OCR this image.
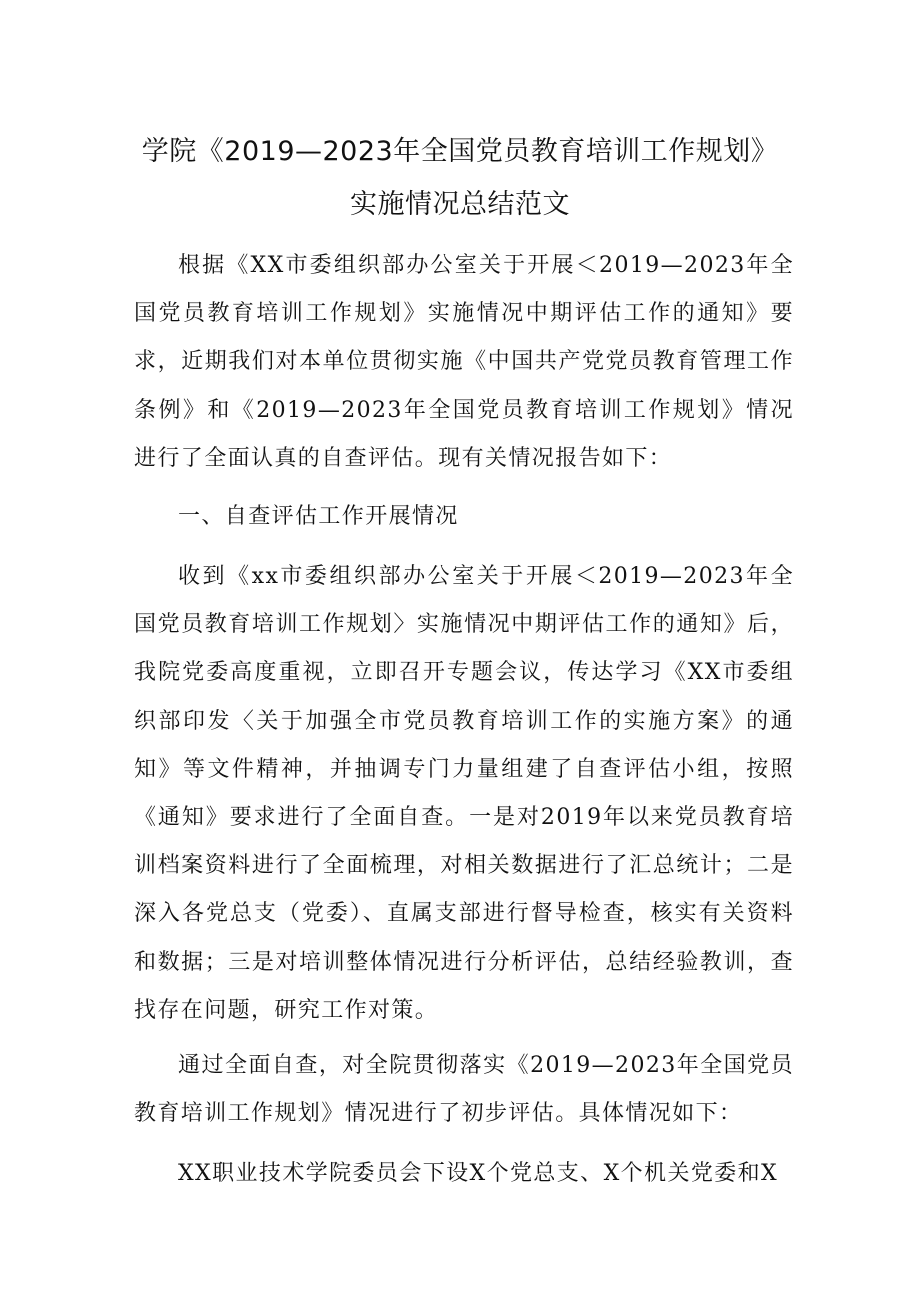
学院《2019—2023年全国党员教育培训工作规划》
实施情况总结范文

根据《XX市委组织部办公室关于开展＜2019—2023年全国党员教育培训工作规划》实施情况中期评估工作的通知》要求，近期我们对本单位贯彻实施《中国共产党党员教育管理工作条例》和《2019—2023年全国党员教育培训工作规划》情况进行了全面认真的自查评估。现有关情况报告如下：

一、自查评估工作开展情况

收到《xx市委组织部办公室关于开展＜2019—2023年全国党员教育培训工作规划〉实施情况中期评估工作的通知》后，我院党委高度重视，立即召开专题会议，传达学习《XX市委组织部印发〈关于加强全市党员教育培训工作的实施方案》的通知》等文件精神，并抽调专门力量组建了自查评估小组，按照《通知》要求进行了全面自查。一是对2019年以来党员教育培训档案资料进行了全面梳理，对相关数据进行了汇总统计；二是深入各党总支（党委）、直属支部进行督导检查，核实有关资料和数据；三是对培训整体情况进行分析评估，总结经验教训，查找存在问题，研究工作对策。

通过全面自查，对全院贯彻落实《2019—2023年全国党员教育培训工作规划》情况进行了初步评估。具体情况如下：

XX职业技术学院委员会下设X个党总支、X个机关党委和X
